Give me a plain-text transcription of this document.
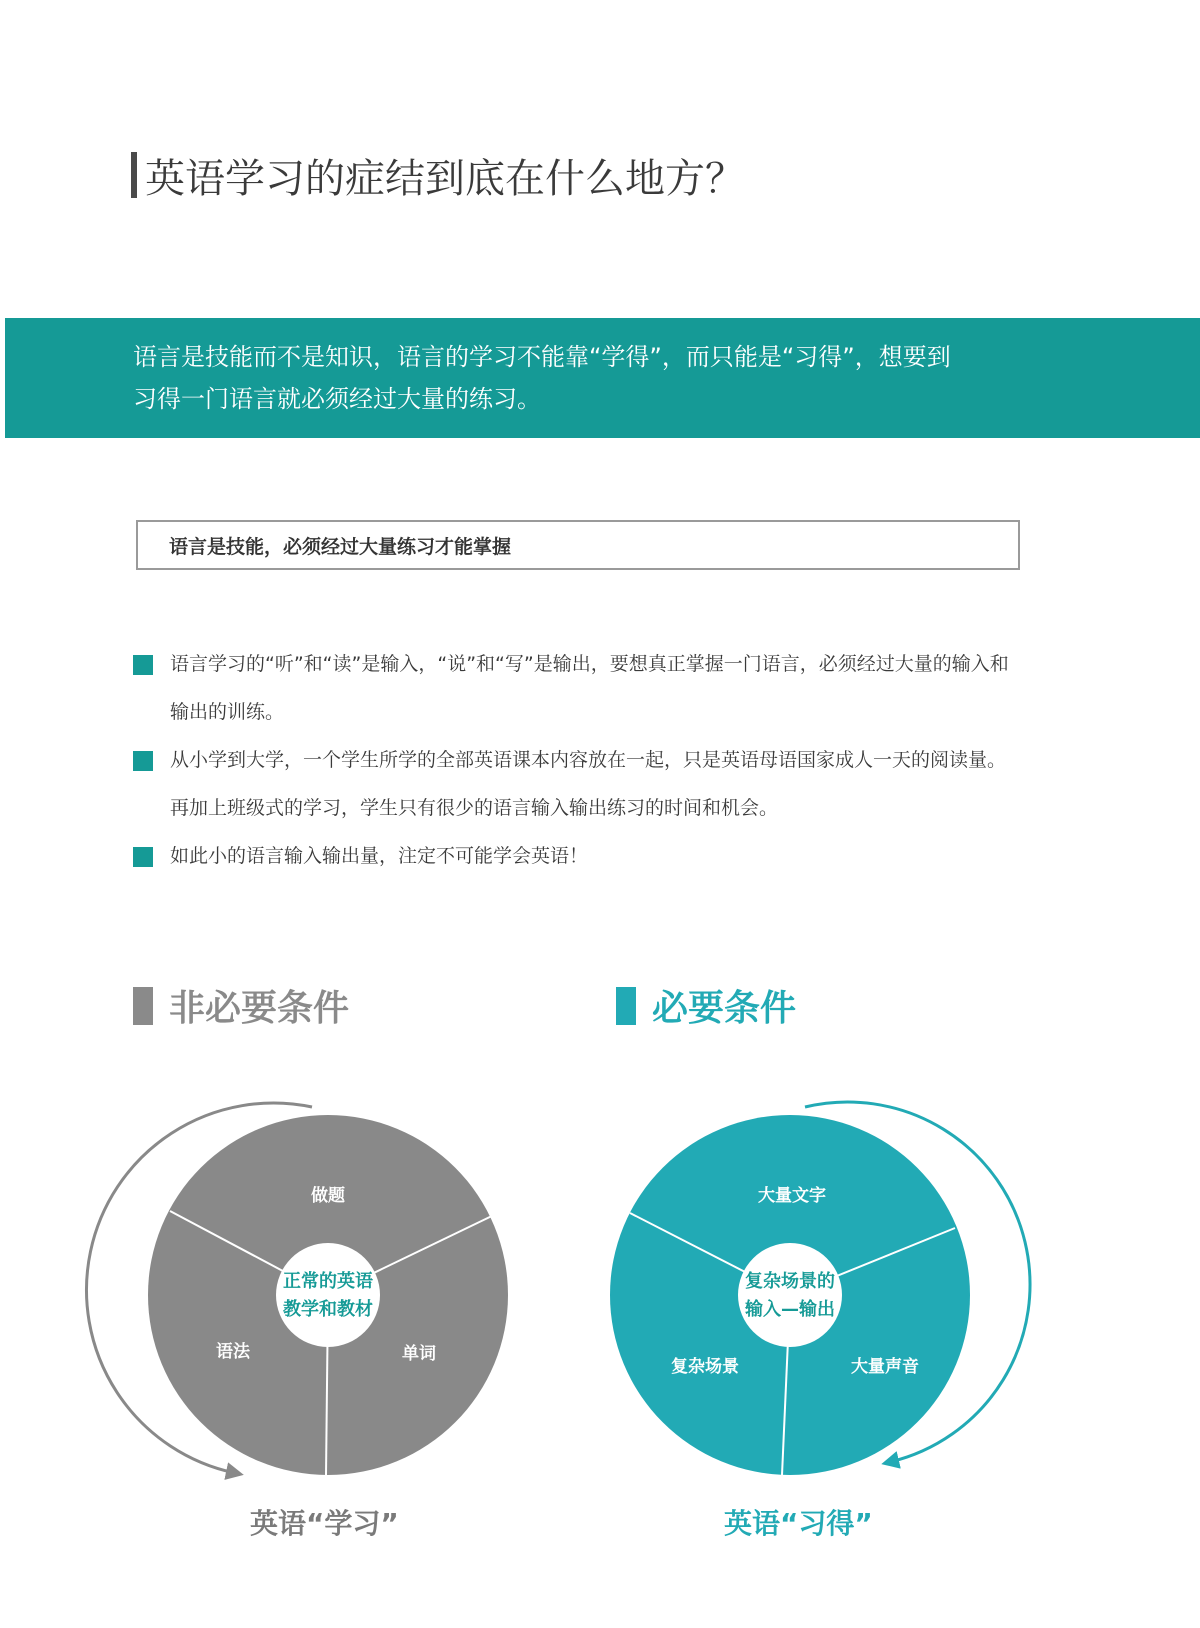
英语学习的症结到底在什么地方？
语言是技能而不是知识，语言的学习不能靠“学得”，而只能是“习得”，想要到
习得一门语言就必须经过大量的练习。
语言是技能，必须经过大量练习才能掌握
语言学习的“听”和“读”是输入，“说”和“写”是输出，要想真正掌握一门语言，必须经过大量的输入和输出的训练。
从小学到大学，一个学生所学的全部英语课本内容放在一起，只是英语母语国家成人一天的阅读量。再加上班级式的学习，学生只有很少的语言输入输出练习的时间和机会。
如此小的语言输入输出量，注定不可能学会英语！
非必要条件	必要条件
正常的英语
教学和教材
做题
语法	单词
复杂场景的
输入—输出
大量文字
复杂场景	大量声音
英语“学习”	英语“习得”
